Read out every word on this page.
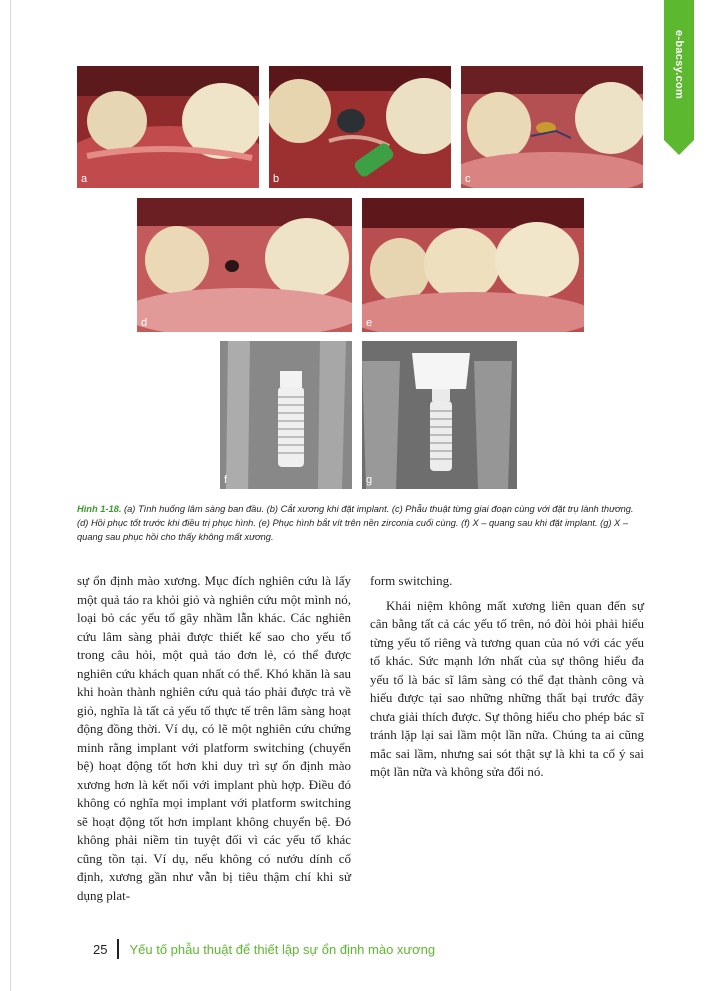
e-bacsy.com
a	b	c
d	e
f	g
Hình 1-18. (a) Tình huống lâm sàng ban đầu. (b) Cắt xương khi đặt implant. (c) Phẫu thuật từng giai đoạn cùng với đặt trụ lành thương. (d) Hồi phục tốt trước khi điều trị phục hình. (e) Phục hình bắt vít trên nền zirconia cuối cùng. (f) X – quang sau khi đặt implant. (g) X – quang sau phục hồi cho thấy không mất xương.

sự ổn định mào xương. Mục đích nghiên cứu là lấy một quả táo ra khỏi giỏ và nghiên cứu một mình nó, loại bỏ các yếu tố gây nhầm lẫn khác. Các nghiên cứu lâm sàng phải được thiết kế sao cho yếu tố trong câu hỏi, một quả táo đơn lẻ, có thể được nghiên cứu khách quan nhất có thể. Khó khăn là sau khi hoàn thành nghiên cứu quả táo phải được trả về giỏ, nghĩa là tất cả yếu tố thực tế trên lâm sàng hoạt động đồng thời. Ví dụ, có lẽ một nghiên cứu chứng minh rằng implant với platform switching (chuyển bệ) hoạt động tốt hơn khi duy trì sự ổn định mào xương hơn là kết nối với implant phù hợp. Điều đó không có nghĩa mọi implant với platform switching sẽ hoạt động tốt hơn implant không chuyển bệ. Đó không phải niềm tin tuyệt đối vì các yếu tố khác cũng tồn tại. Ví dụ, nếu không có nướu dính cố định, xương gần như vẫn bị tiêu thậm chí khi sử dụng plat-

form switching.

Khái niệm không mất xương liên quan đến sự cân bằng tất cả các yếu tố trên, nó đòi hỏi phải hiểu từng yếu tố riêng và tương quan của nó với các yếu tố khác. Sức mạnh lớn nhất của sự thông hiểu đa yếu tố là bác sĩ lâm sàng có thể đạt thành công và hiểu được tại sao những những thất bại trước đây chưa giải thích được. Sự thông hiểu cho phép bác sĩ tránh lặp lại sai lầm một lần nữa. Chúng ta ai cũng mắc sai lầm, nhưng sai sót thật sự là khi ta cố ý sai một lần nữa và không sửa đổi nó.

25 Yếu tố phẫu thuật để thiết lập sự ổn định mào xương
